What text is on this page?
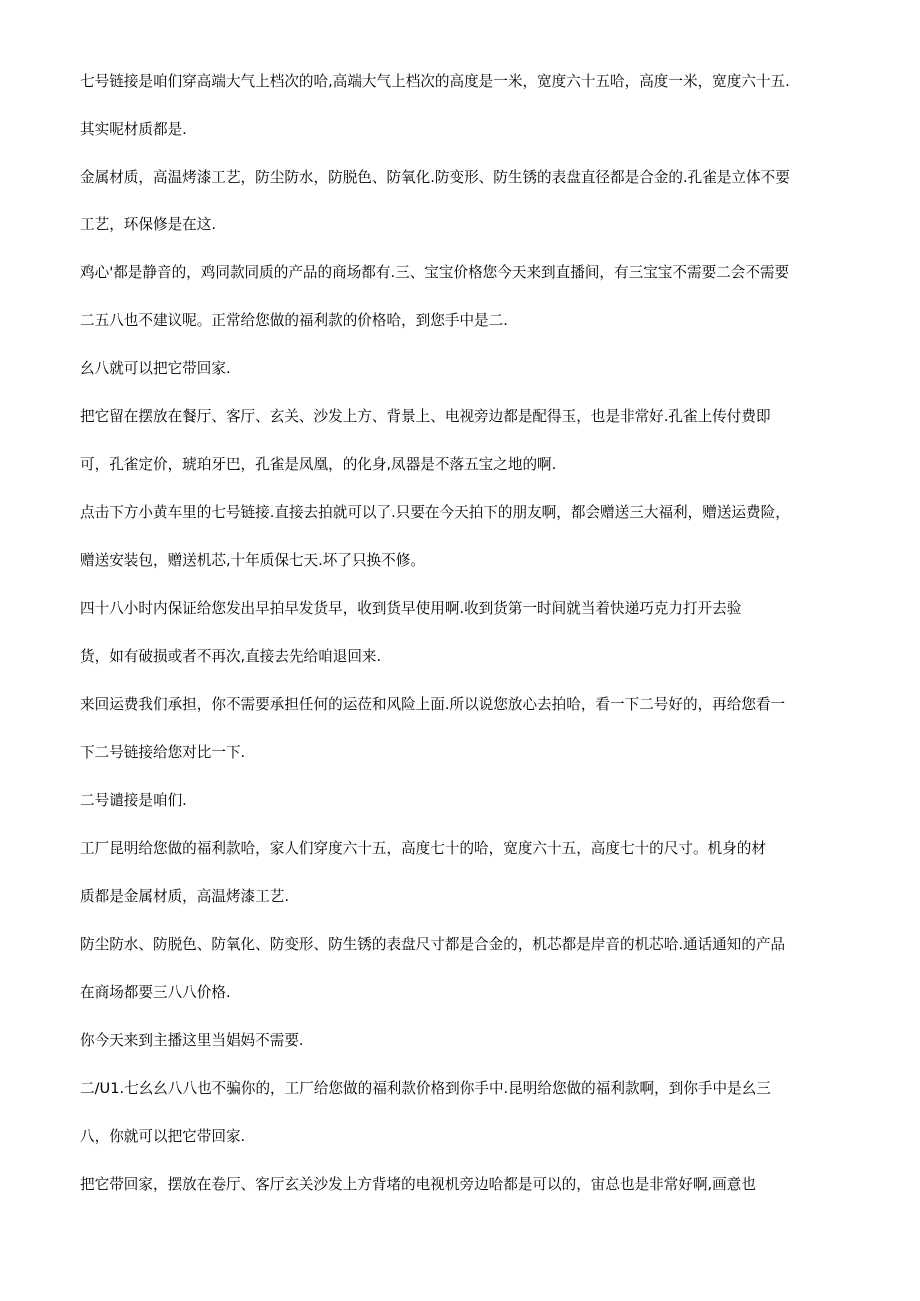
七号链接是咱们穿高端大气上档次的哈,高端大气上档次的高度是一米，宽度六十五哈，高度一米，宽度六十五.
其实呢材质都是.
金属材质，高温烤漆工艺，防尘防水，防脱色、防氧化.防变形、防生锈的表盘直径都是合金的.孔雀是立体不要
工艺，环保修是在这.
鸡心'都是静音的，鸡同款同质的产品的商场都有.三、宝宝价格您今天来到直播间，有三宝宝不需要二会不需要
二五八也不建议呢。正常给您做的福利款的价格哈，到您手中是二.
幺八就可以把它带回家.
把它留在摆放在餐厅、客厅、玄关、沙发上方、背景上、电视旁边都是配得玉，也是非常好.孔雀上传付费即
可，孔雀定价，琥珀牙巴，孔雀是凤凰，的化身,凤器是不落五宝之地的啊.
点击下方小黄车里的七号链接.直接去拍就可以了.只要在今天拍下的朋友啊，都会赠送三大福利，赠送运费险，
赠送安装包，赠送机芯,十年质保七天.坏了只换不修。
四十八小时内保证给您发出早拍早发货早，收到货早使用啊.收到货第一时间就当着快递巧克力打开去验
货，如有破损或者不再次,直接去先给咱退回来.
来回运费我们承担，你不需要承担任何的运莅和风险上面.所以说您放心去拍哈，看一下二号好的，再给您看一
下二号链接给您对比一下.
二号谴接是咱们.
工厂昆明给您做的福利款哈，家人们穿度六十五，高度七十的哈，宽度六十五，高度七十的尺寸。机身的材
质都是金属材质，高温烤漆工艺.
防尘防水、防脱色、防氧化、防变形、防生锈的表盘尺寸都是合金的，机芯都是岸音的机芯哈.通话通知的产品
在商场都要三八八价格.
你今天来到主播这里当娼妈不需要.
二/U1.七幺幺八八也不骗你的，工厂给您做的福利款价格到你手中.昆明给您做的福利款啊，到你手中是幺三
八，你就可以把它带回家.
把它带回家，摆放在卷厅、客厅玄关沙发上方背堵的电视机旁边哈都是可以的，宙总也是非常好啊,画意也
